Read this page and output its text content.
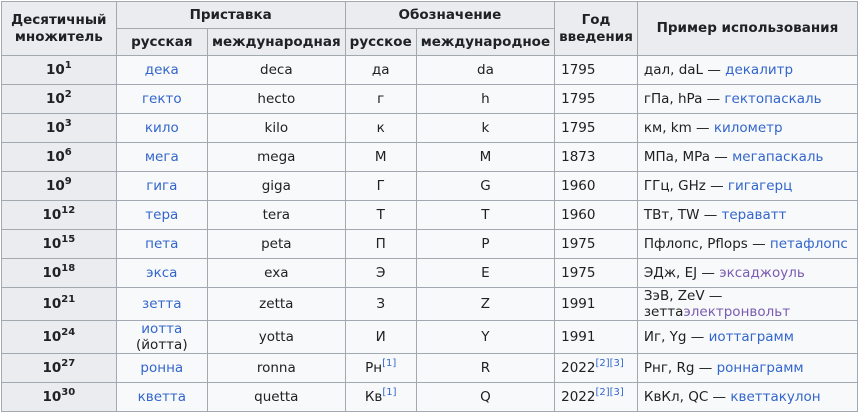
Десятичный множитель	Приставка		Обозначение		Год введения	Пример использования
	русская	международная	русское	международное		
$10^1$	дека	deca	да	da	1795	дал, daL — декалитр
$10^2$	гекто	hecto	г	h	1795	гПа, hPa — гектопаскаль
$10^3$	кило	kilo	к	k	1795	км, km — километр
$10^6$	мега	mega	М	M	1873	МПа, MPa — мегапаскаль
$10^9$	гига	giga	Г	G	1960	ГГц, GHz — гигагерц
$10^{12}$	тера	tera	Т	T	1960	ТВт, TW — тераватт
$10^{15}$	пета	peta	П	P	1975	Пфлопс, Pflops — петафлопс
$10^{18}$	экса	exa	Э	E	1975	ЭДж, EJ — эксаджоуль
$10^{21}$	зетта	zetta	З	Z	1991	ЗэВ, ZeV — зеттаэлектронвольт
$10^{24}$	иотта (йотта)	yotta	И	Y	1991	Иг, Yg — иоттаграмм
$10^{27}$	ронна	ronna	Рн[1]	R	2022[2][3]	Рнг, Rg — роннаграмм
$10^{30}$	кветта	quetta	Кв[1]	Q	2022[2][3]	КвКл, QC — кветтакулон
